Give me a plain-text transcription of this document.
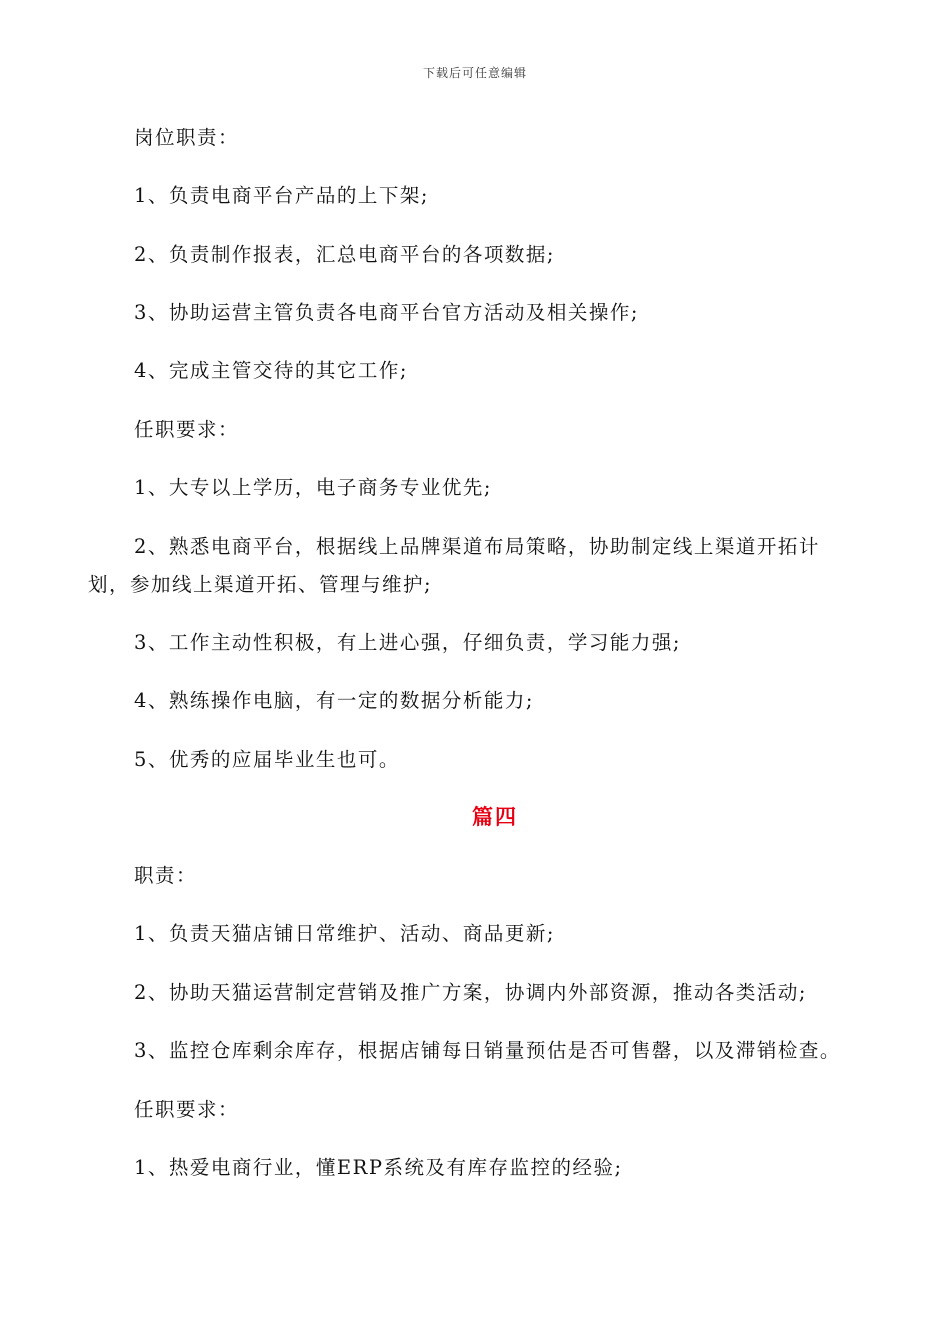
下载后可任意编辑
岗位职责：
1、负责电商平台产品的上下架;
2、负责制作报表，汇总电商平台的各项数据;
3、协助运营主管负责各电商平台官方活动及相关操作;
4、完成主管交待的其它工作;
任职要求：
1、大专以上学历，电子商务专业优先;
2、熟悉电商平台，根据线上品牌渠道布局策略，协助制定线上渠道开拓计
划，参加线上渠道开拓、管理与维护;
3、工作主动性积极，有上进心强，仔细负责，学习能力强;
4、熟练操作电脑，有一定的数据分析能力;
5、优秀的应届毕业生也可。
篇四
职责：
1、负责天猫店铺日常维护、活动、商品更新;
2、协助天猫运营制定营销及推广方案，协调内外部资源，推动各类活动;
3、监控仓库剩余库存，根据店铺每日销量预估是否可售罄，以及滞销检查。
任职要求：
1、热爱电商行业，懂ERP系统及有库存监控的经验;
